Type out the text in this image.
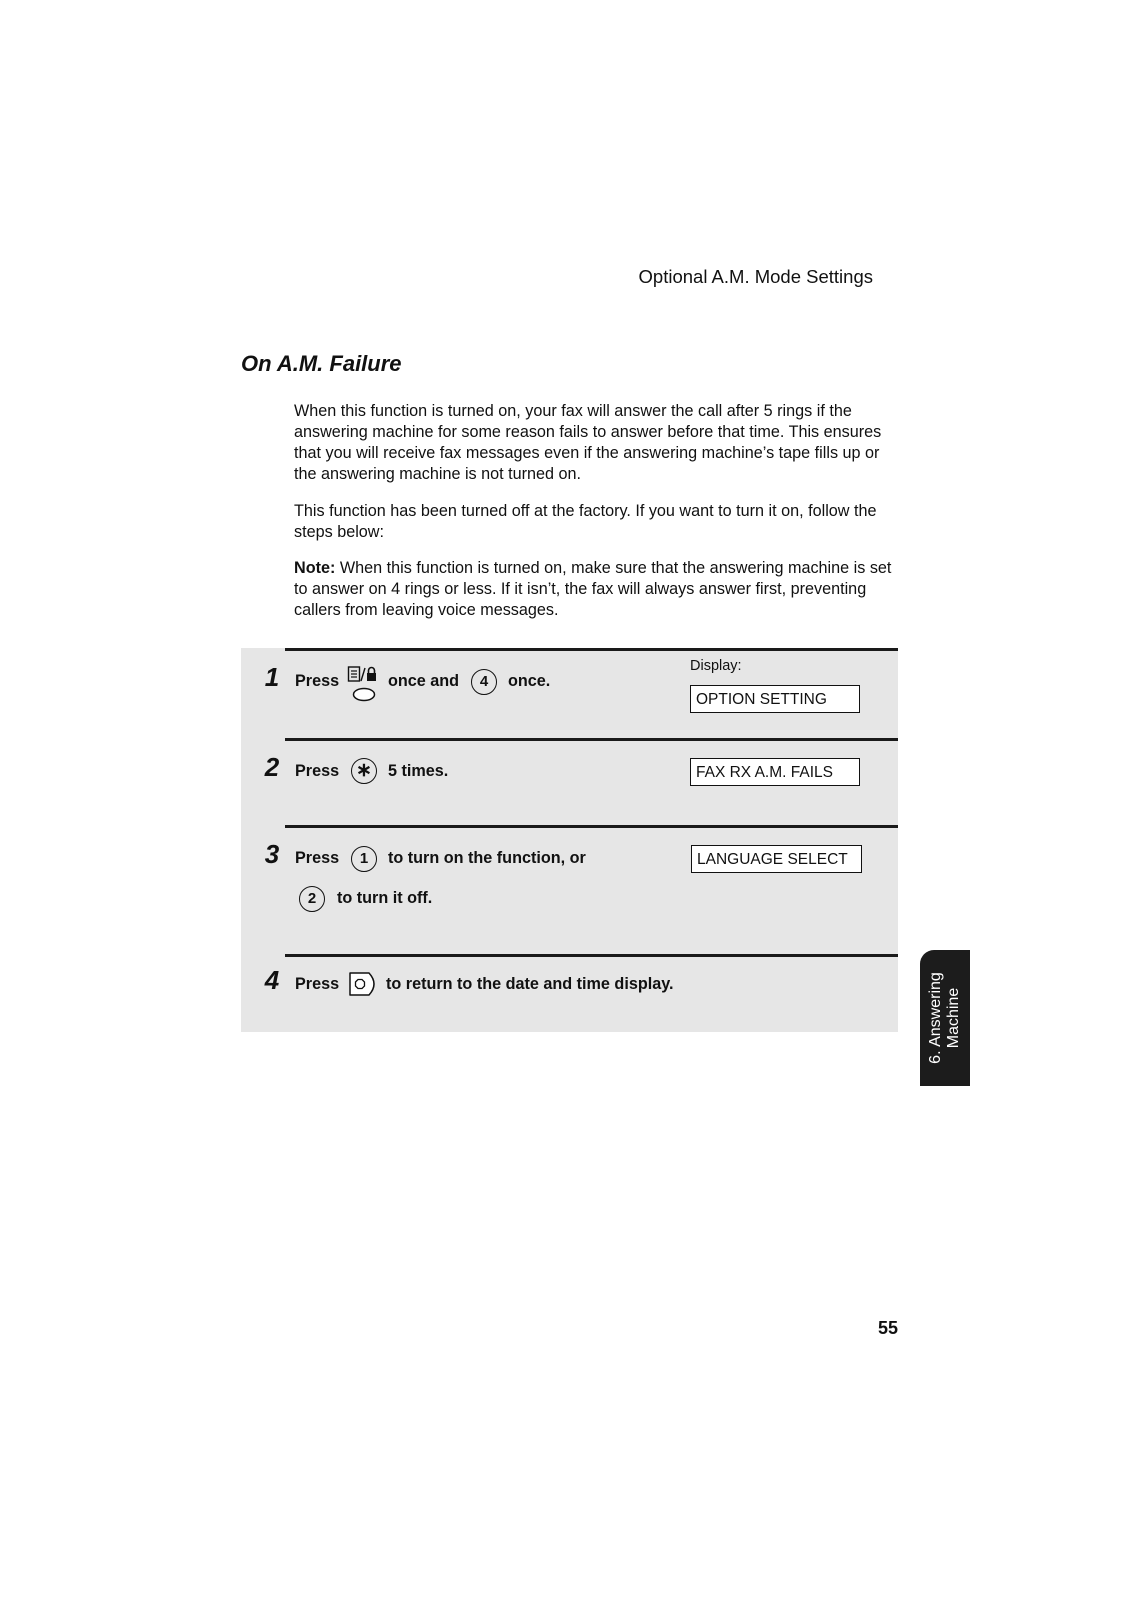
Optional A.M. Mode Settings
On A.M. Failure
When this function is turned on, your fax will answer the call after 5 rings if the answering machine for some reason fails to answer before that time. This ensures that you will receive fax messages even if the answering machine’s tape fills up or the answering machine is not turned on.
This function has been turned off at the factory. If you want to turn it on, follow the steps below:
Note: When this function is turned on, make sure that the answering machine is set to answer on 4 rings or less. If it isn’t, the fax will always answer first, preventing callers from leaving voice messages.
Display:
1 Press	once and	4	once.
OPTION SETTING
2 Press ∗ 5 times.	FAX RX A.M. FAILS
3 Press	1	to turn on the function, or
2	to turn it off.
LANGUAGE SELECT
4 Press	to return to the date and time display.	6. Answering Machine
55
